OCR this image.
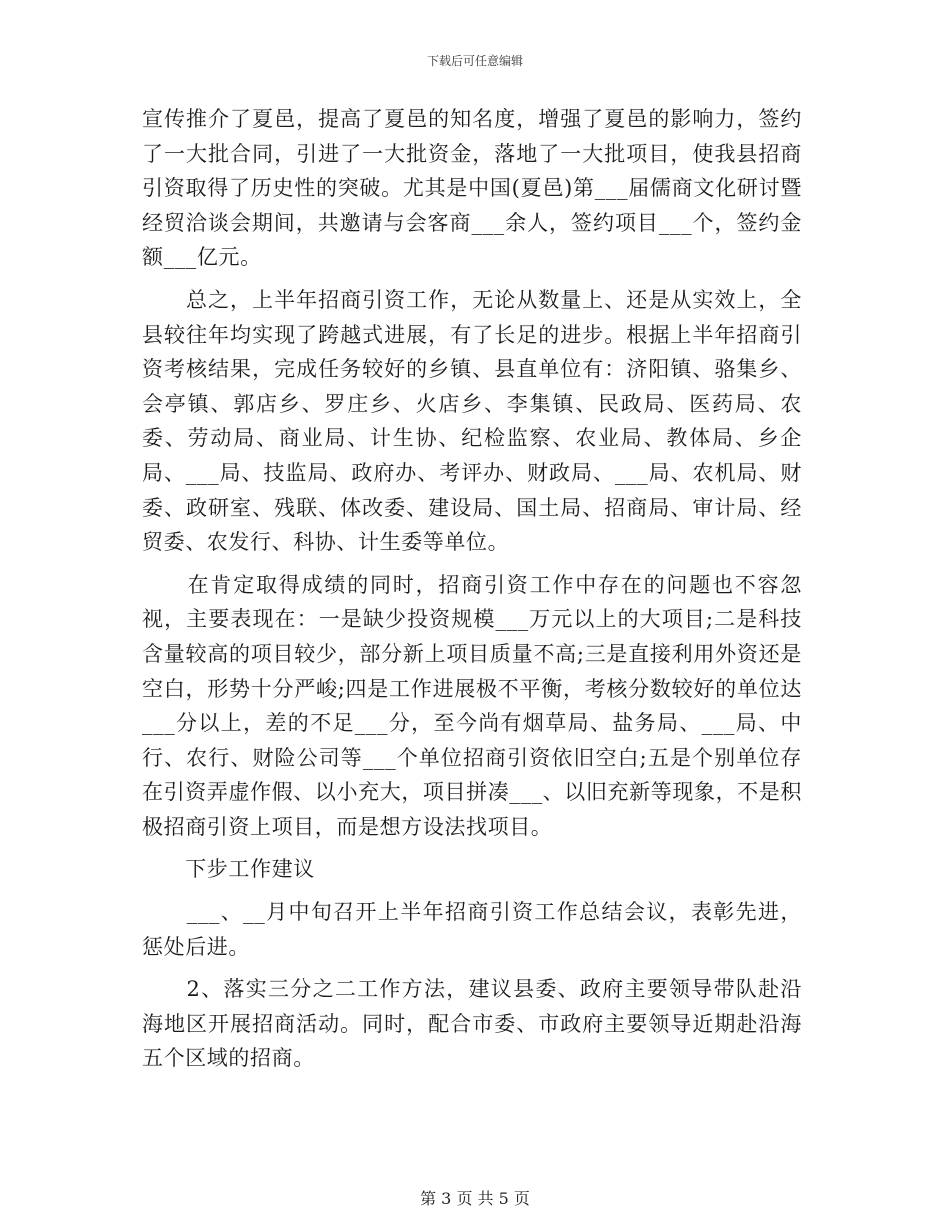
下载后可任意编辑

宣传推介了夏邑，提高了夏邑的知名度，增强了夏邑的影响力，签约了一大批合同，引进了一大批资金，落地了一大批项目，使我县招商引资取得了历史性的突破。尤其是中国(夏邑)第___届儒商文化研讨暨经贸洽谈会期间，共邀请与会客商___余人，签约项目___个，签约金额___亿元。

　　总之，上半年招商引资工作，无论从数量上、还是从实效上，全县较往年均实现了跨越式进展，有了长足的进步。根据上半年招商引资考核结果，完成任务较好的乡镇、县直单位有：济阳镇、骆集乡、会亭镇、郭店乡、罗庄乡、火店乡、李集镇、民政局、医药局、农委、劳动局、商业局、计生协、纪检监察、农业局、教体局、乡企局、___局、技监局、政府办、考评办、财政局、___局、农机局、财委、政研室、残联、体改委、建设局、国土局、招商局、审计局、经贸委、农发行、科协、计生委等单位。

　　在肯定取得成绩的同时，招商引资工作中存在的问题也不容忽视，主要表现在：一是缺少投资规模___万元以上的大项目;二是科技含量较高的项目较少，部分新上项目质量不高;三是直接利用外资还是空白，形势十分严峻;四是工作进展极不平衡，考核分数较好的单位达___分以上，差的不足___分，至今尚有烟草局、盐务局、___局、中行、农行、财险公司等___个单位招商引资依旧空白;五是个别单位存在引资弄虚作假、以小充大，项目拼凑___、以旧充新等现象，不是积极招商引资上项目，而是想方设法找项目。

　　下步工作建议

　　___、__月中旬召开上半年招商引资工作总结会议，表彰先进，惩处后进。

　　2、落实三分之二工作方法，建议县委、政府主要领导带队赴沿海地区开展招商活动。同时，配合市委、市政府主要领导近期赴沿海五个区域的招商。

第 3 页 共 5 页
